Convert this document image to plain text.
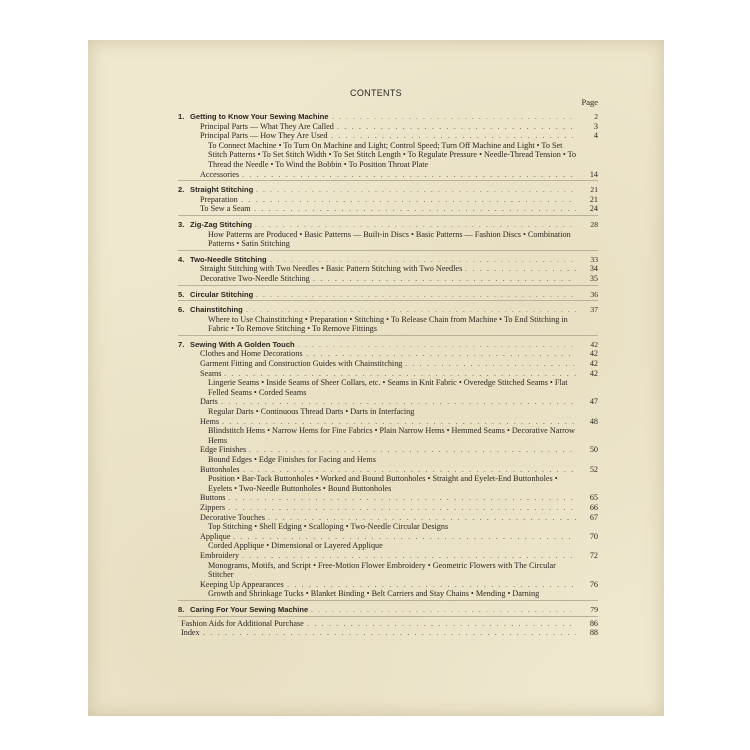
CONTENTS
Page
1. Getting to Know Your Sewing Machine	2
. . .
Principal Parts — What They Are Called	3
. . .
Principal Parts — How They Are Used	4
. . .
To Connect Machine • To Turn On Machine and Light; Control Speed; Turn Off Machine and Light • To Set Stitch Patterns • To Set Stitch Width • To Set Stitch Length • To Regulate Pressure • Needle-Thread Tension • To Thread the Needle • To Wind the Bobbin • To Position Throat Plate
Accessories	14
. . .
2. Straight Stitching	21
. . .
Preparation	21
. . .
To Sew a Seam	24
. . .
3. Zig-Zag Stitching	28
. . .
How Patterns are Produced • Basic Patterns — Built-in Discs • Basic Patterns — Fashion Discs • Combination Patterns • Satin Stitching
4. Two-Needle Stitching	33
. . .
Straight Stitching with Two Needles • Basic Pattern Stitching with Two Needles	34
. . .
Decorative Two-Needle Stitching	35
. . .
5. Circular Stitching	36
. . .
6. Chainstitching	37
. . .
Where to Use Chainstitching • Preparation • Stitching • To Release Chain from Machine • To End Stitching in Fabric • To Remove Stitching • To Remove Fittings
7. Sewing With A Golden Touch	42
. . .
Clothes and Home Decorations	42
. . .
Garment Fitting and Construction Guides with Chainstitching	42
. . .
Seams	42
. . .
Lingerie Seams • Inside Seams of Sheer Collars, etc. • Seams in Knit Fabric • Overedge Stitched Seams • Flat Felled Seams • Corded Seams
Darts	47
. . .
Regular Darts • Continuous Thread Darts • Darts in Interfacing
Hems	48
. . .
Blindstitch Hems • Narrow Hems for Fine Fabrics • Plain Narrow Hems • Hemmed Seams • Decorative Narrow Hems
Edge Finishes	50
. . .
Bound Edges • Edge Finishes for Facing and Hems
Buttonholes	52
. . .
Position • Bar-Tack Buttonholes • Worked and Bound Buttonholes • Straight and Eyelet-End Buttonholes • Eyelets • Two-Needle Buttonholes • Bound Buttonholes
Buttons	65
. . .
Zippers	66
. . .
Decorative Touches	67
. . .
Top Stitching • Shell Edging • Scalloping • Two-Needle Circular Designs
Applique	70
. . .
Corded Applique • Dimensional or Layered Applique
Embroidery	72
. . .
Monograms, Motifs, and Script • Free-Motion Flower Embroidery • Geometric Flowers with The Circular Stitcher
Keeping Up Appearances	76
. . .
Growth and Shrinkage Tucks • Blanket Binding • Belt Carriers and Stay Chains • Mending • Darning
8. Caring For Your Sewing Machine	79
. . .
Fashion Aids for Additional Purchase	86
. . .
Index	88
. . .
